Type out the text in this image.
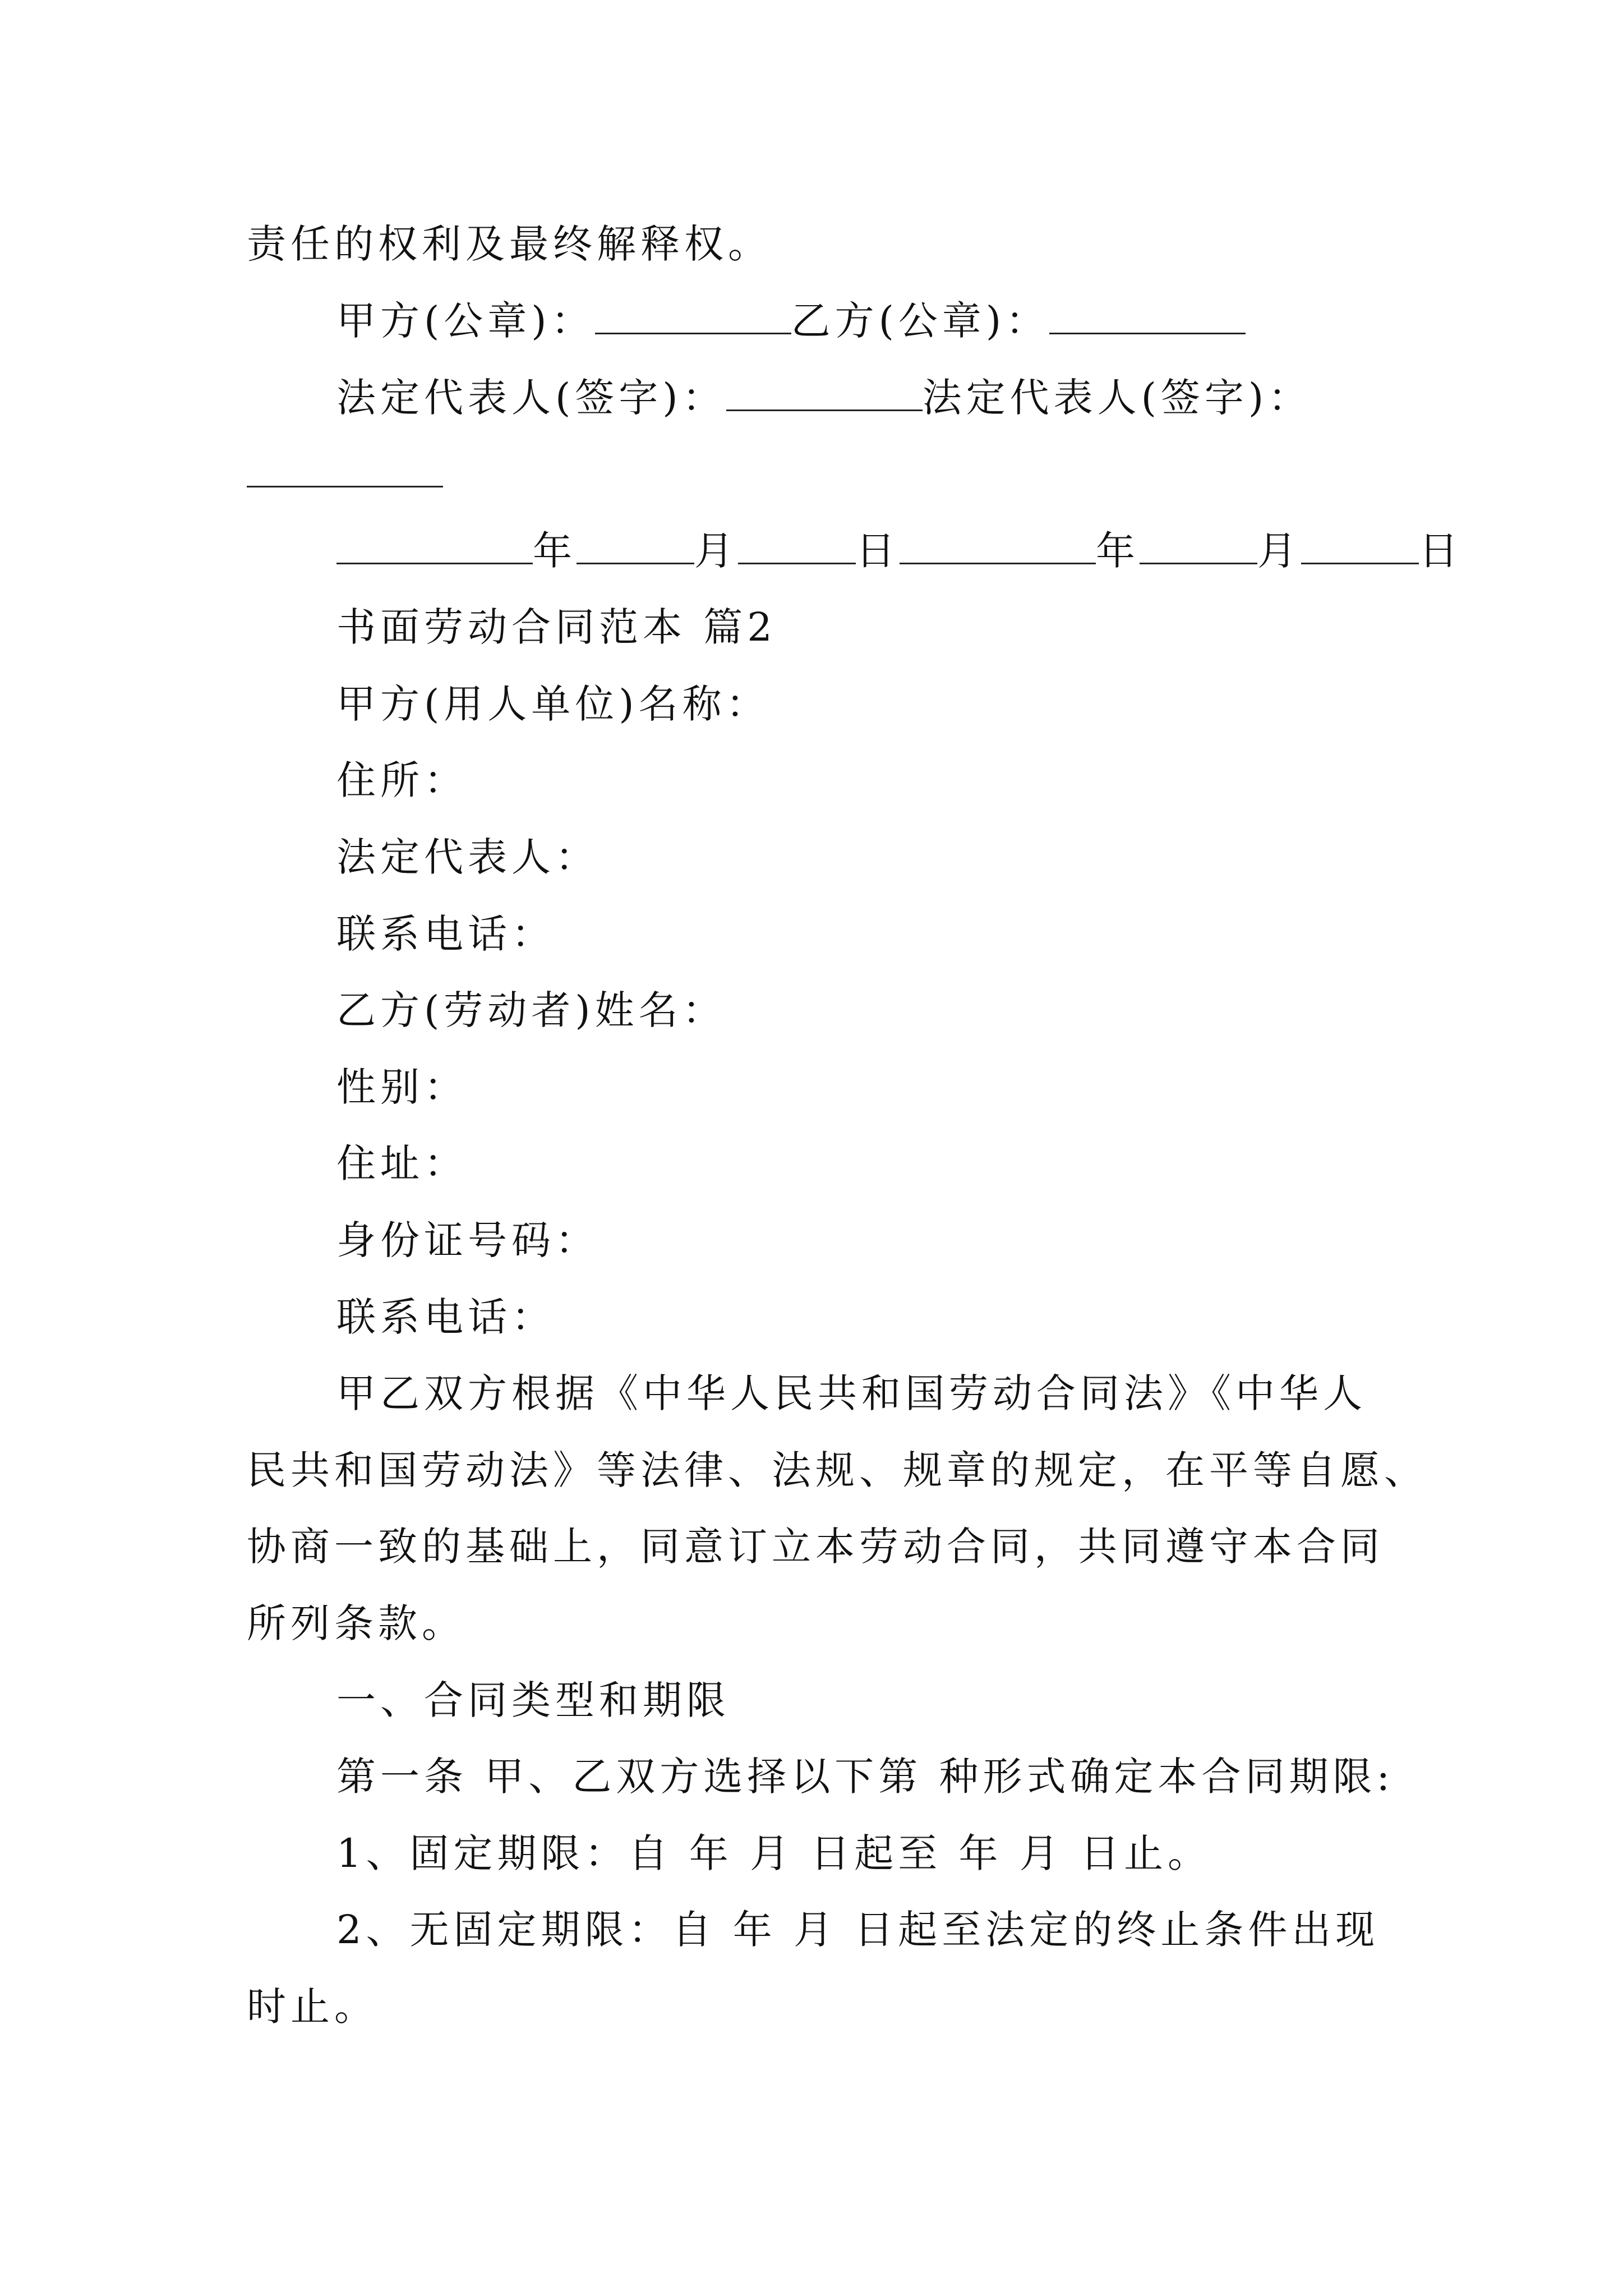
责任的权利及最终解释权。
甲方(公章)：	乙方(公章)：
法定代表人(签字)：	法定代表人(签字)：
年	月	日	年	月	日
书面劳动合同范本 篇2
甲方(用人单位)名称：
住所：
法定代表人：
联系电话：
乙方(劳动者)姓名：
性别：
住址：
身份证号码：
联系电话：
甲乙双方根据《中华人民共和国劳动合同法》《中华人
民共和国劳动法》等法律、法规、规章的规定，在平等自愿、
协商一致的基础上，同意订立本劳动合同，共同遵守本合同
所列条款。
一、合同类型和期限
第一条 甲、乙双方选择以下第 种形式确定本合同期限:
1、固定期限：自 年 月 日起至 年 月 日止。
2、无固定期限：自 年 月 日起至法定的终止条件出现
时止。
